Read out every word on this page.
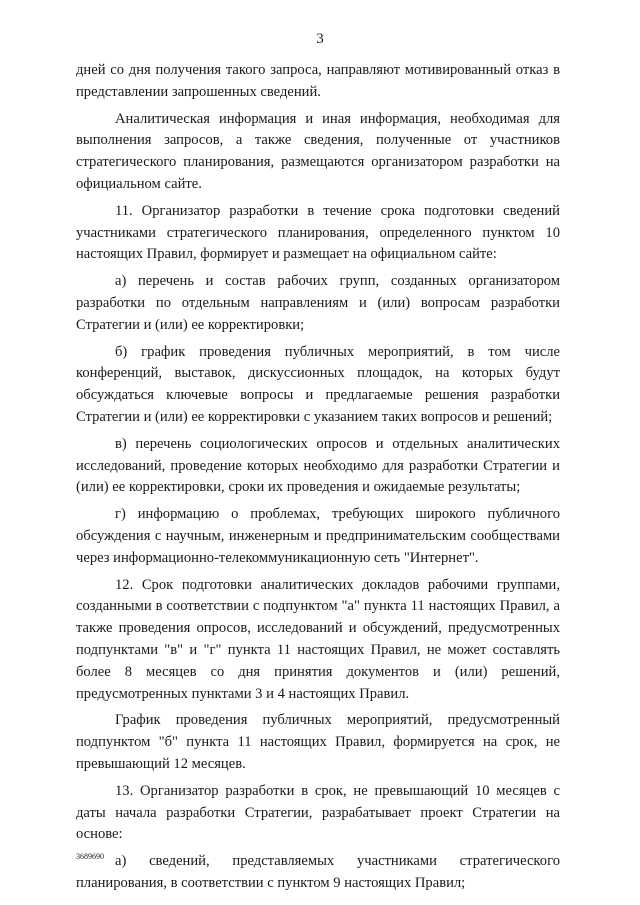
3

дней со дня получения такого запроса, направляют мотивированный отказ в представлении запрошенных сведений.

Аналитическая информация и иная информация, необходимая для выполнения запросов, а также сведения, полученные от участников стратегического планирования, размещаются организатором разработки на официальном сайте.

11. Организатор разработки в течение срока подготовки сведений участниками стратегического планирования, определенного пунктом 10 настоящих Правил, формирует и размещает на официальном сайте:

а) перечень и состав рабочих групп, созданных организатором разработки по отдельным направлениям и (или) вопросам разработки Стратегии и (или) ее корректировки;

б) график проведения публичных мероприятий, в том числе конференций, выставок, дискуссионных площадок, на которых будут обсуждаться ключевые вопросы и предлагаемые решения разработки Стратегии и (или) ее корректировки с указанием таких вопросов и решений;

в) перечень социологических опросов и отдельных аналитических исследований, проведение которых необходимо для разработки Стратегии и (или) ее корректировки, сроки их проведения и ожидаемые результаты;

г) информацию о проблемах, требующих широкого публичного обсуждения с научным, инженерным и предпринимательским сообществами через информационно-телекоммуникационную сеть "Интернет".

12. Срок подготовки аналитических докладов рабочими группами, созданными в соответствии с подпунктом "а" пункта 11 настоящих Правил, а также проведения опросов, исследований и обсуждений, предусмотренных подпунктами "в" и "г" пункта 11 настоящих Правил, не может составлять более 8 месяцев со дня принятия документов и (или) решений, предусмотренных пунктами 3 и 4 настоящих Правил.

График проведения публичных мероприятий, предусмотренный подпунктом "б" пункта 11 настоящих Правил, формируется на срок, не превышающий 12 месяцев.

13. Организатор разработки в срок, не превышающий 10 месяцев с даты начала разработки Стратегии, разрабатывает проект Стратегии на основе:

а) сведений, представляемых участниками стратегического планирования, в соответствии с пунктом 9 настоящих Правил;

3689690
